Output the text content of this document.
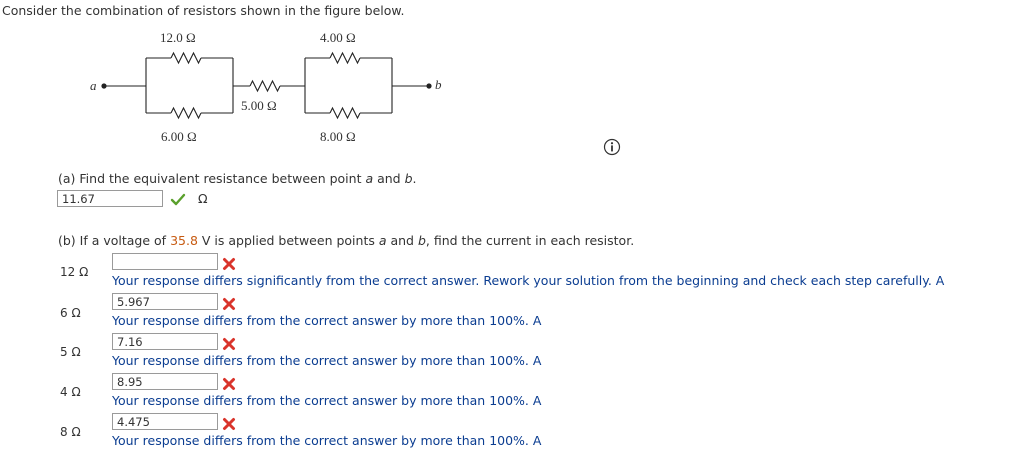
Consider the combination of resistors shown in the figure below.
12.0 Ω	4.00 Ω
5.00 Ω
6.00 Ω	8.00 Ω
a	b
(a) Find the equivalent resistance between point a and b.
11.67	Ω
(b) If a voltage of 35.8 V is applied between points a and b, find the current in each resistor.
12 Ω
Your response differs significantly from the correct answer. Rework your solution from the beginning and check each step carefully. A
6 Ω
5.967
Your response differs from the correct answer by more than 100%. A
5 Ω
7.16
Your response differs from the correct answer by more than 100%. A
4 Ω
8.95
Your response differs from the correct answer by more than 100%. A
8 Ω
4.475
Your response differs from the correct answer by more than 100%. A
